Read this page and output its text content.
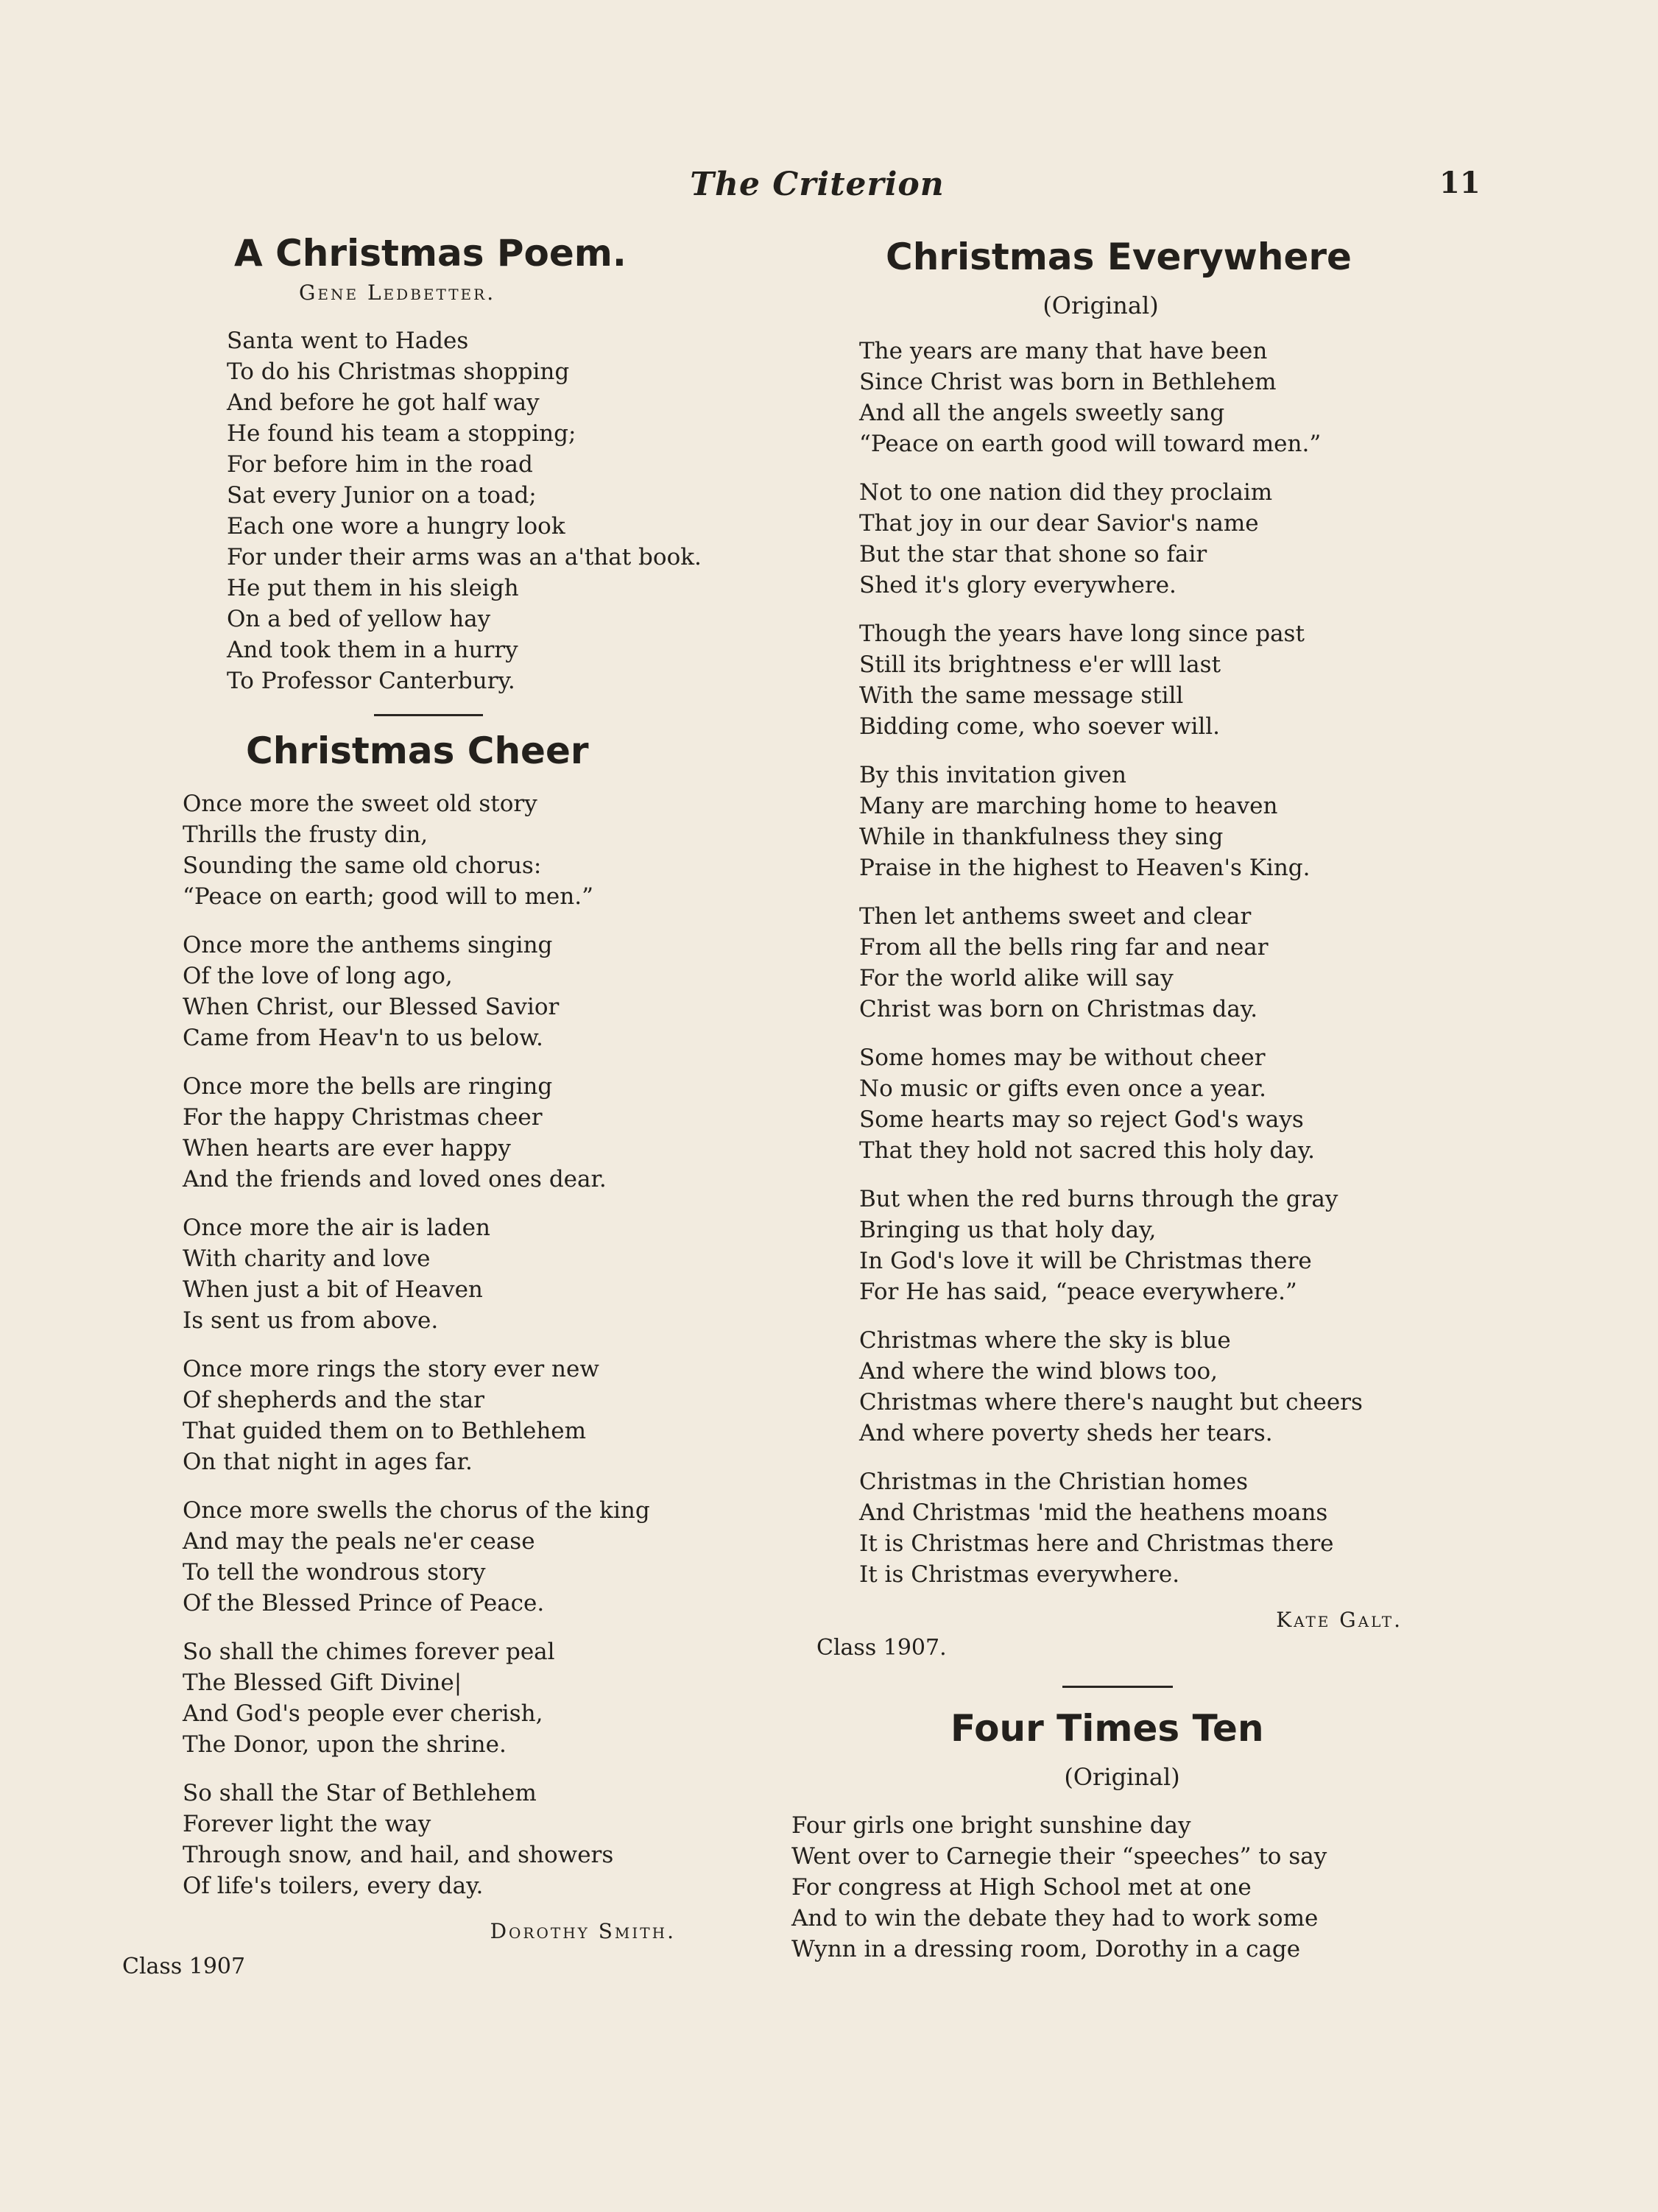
The Criterion	11
A Christmas Poem.
Gene Ledbetter.
Santa went to Hades
To do his Christmas shopping
And before he got half way
He found his team a stopping;
For before him in the road
Sat every Junior on a toad;
Each one wore a hungry look
For under their arms was an a'that book.
He put them in his sleigh
On a bed of yellow hay
And took them in a hurry
To Professor Canterbury.
Christmas Cheer
Once more the sweet old story
Thrills the frusty din,
Sounding the same old chorus:
“Peace on earth; good will to men.”
Once more the anthems singing
Of the love of long ago,
When Christ, our Blessed Savior
Came from Heav'n to us below.
Once more the bells are ringing
For the happy Christmas cheer
When hearts are ever happy
And the friends and loved ones dear.
Once more the air is laden
With charity and love
When just a bit of Heaven
Is sent us from above.
Once more rings the story ever new
Of shepherds and the star
That guided them on to Bethlehem
On that night in ages far.
Once more swells the chorus of the king
And may the peals ne'er cease
To tell the wondrous story
Of the Blessed Prince of Peace.
So shall the chimes forever peal
The Blessed Gift Divine|
And God's people ever cherish,
The Donor, upon the shrine.
So shall the Star of Bethlehem
Forever light the way
Through snow, and hail, and showers
Of life's toilers, every day.
Dorothy Smith.
Class 1907
Christmas Everywhere
(Original)
The years are many that have been
Since Christ was born in Bethlehem
And all the angels sweetly sang
“Peace on earth good will toward men.”
Not to one nation did they proclaim
That joy in our dear Savior's name
But the star that shone so fair
Shed it's glory everywhere.
Though the years have long since past
Still its brightness e'er wlll last
With the same message still
Bidding come, who soever will.
By this invitation given
Many are marching home to heaven
While in thankfulness they sing
Praise in the highest to Heaven's King.
Then let anthems sweet and clear
From all the bells ring far and near
For the world alike will say
Christ was born on Christmas day.
Some homes may be without cheer
No music or gifts even once a year.
Some hearts may so reject God's ways
That they hold not sacred this holy day.
But when the red burns through the gray
Bringing us that holy day,
In God's love it will be Christmas there
For He has said, “peace everywhere.”
Christmas where the sky is blue
And where the wind blows too,
Christmas where there's naught but cheers
And where poverty sheds her tears.
Christmas in the Christian homes
And Christmas 'mid the heathens moans
It is Christmas here and Christmas there
It is Christmas everywhere.
Kate Galt.
Class 1907.
Four Times Ten
(Original)
Four girls one bright sunshine day
Went over to Carnegie their “speeches” to say
For congress at High School met at one
And to win the debate they had to work some
Wynn in a dressing room, Dorothy in a cage
